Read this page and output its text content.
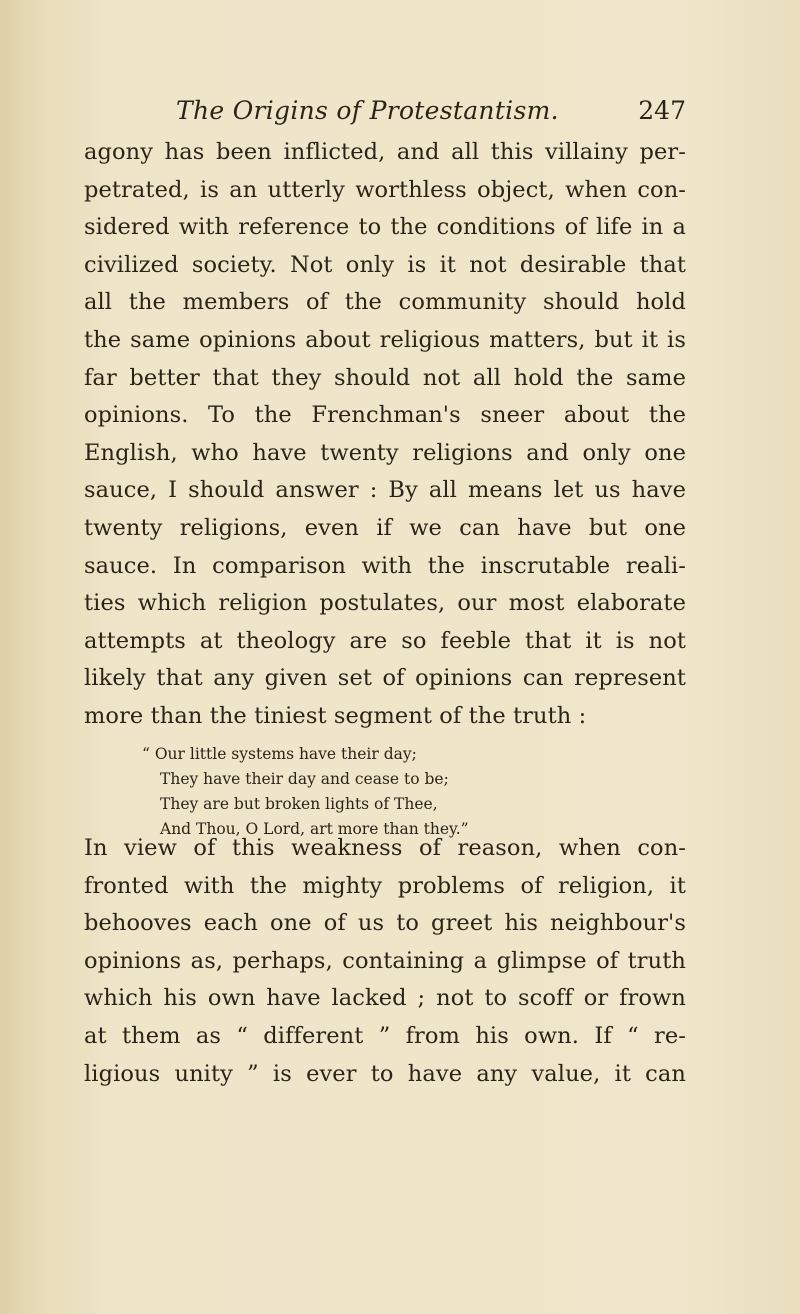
The Origins of Protestantism.	247
agony has been inflicted, and all this villainy per-
petrated, is an utterly worthless object, when con-
sidered with reference to the conditions of life in a
civilized society. Not only is it not desirable that
all the members of the community should hold
the same opinions about religious matters, but it is
far better that they should not all hold the same
opinions. To the Frenchman's sneer about the
English, who have twenty religions and only one
sauce, I should answer : By all means let us have
twenty religions, even if we can have but one
sauce. In comparison with the inscrutable reali-
ties which religion postulates, our most elaborate
attempts at theology are so feeble that it is not
likely that any given set of opinions can represent
more than the tiniest segment of the truth :
“ Our little systems have their day;
They have their day and cease to be;
They are but broken lights of Thee,
And Thou, O Lord, art more than they.”
In view of this weakness of reason, when con-
fronted with the mighty problems of religion, it
behooves each one of us to greet his neighbour's
opinions as, perhaps, containing a glimpse of truth
which his own have lacked ; not to scoff or frown
at them as “ different ” from his own. If “ re-
ligious unity ” is ever to have any value, it can
